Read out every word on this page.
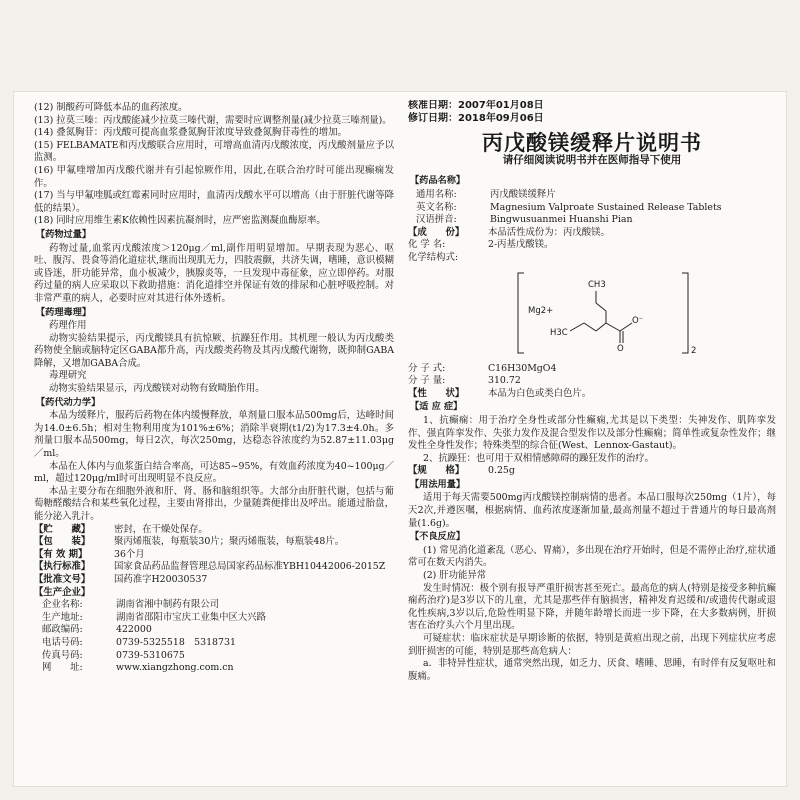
(12) 制酸药可降低本品的血药浓度。

(13) 拉莫三嗪：丙戊酸能减少拉莫三嗪代谢，需要时应调整剂量(减少拉莫三嗪剂量)。

(14) 叠氮胸苷：丙戊酸可提高血浆叠氮胸苷浓度导致叠氮胸苷毒性的增加。

(15) FELBAMATE和丙戊酸联合应用时，可增高血清丙戊酸浓度，丙戊酸剂量应予以监测。

(16) 甲氟喹增加丙戊酸代谢并有引起惊厥作用，因此,在联合治疗时可能出现癫痫发作。

(17) 当与甲氟喹胍或红霉素同时应用时，血清丙戊酸水平可以增高（由于肝脏代谢等降低的结果）。

(18) 同时应用维生素K依赖性因素抗凝剂时，应严密监测凝血酶原率。

【药物过量】

药物过量,血浆丙戊酸浓度＞120μg／ml,副作用明显增加。早期表现为恶心、呕吐、腹泻、畏食等消化道症状,继而出现肌无力，四肢震颤，共济失调，嗜睡，意识模糊或昏迷，肝功能异常，血小板减少，胰腺炎等，一旦发现中毒征象，应立即停药。对服药过量的病人应采取以下救助措施：消化道排空并保证有效的排尿和心脏呼吸控制。对非常严重的病人，必要时应对其进行体外透析。

【药理毒理】

药理作用

动物实验结果提示，丙戊酸镁具有抗惊厥、抗躁狂作用。其机理一般认为丙戊酸类药物使全脑或脑特定区GABA都升高，丙戊酸类药物及其丙戊酸代谢物，既抑制GABA降解，又增加GABA合成。

毒理研究

动物实验结果显示，丙戊酸镁对动物有致畸胎作用。

【药代动力学】

本品为缓释片，服药后药物在体内缓慢释放，单剂量口服本品500mg后，达峰时间为14.0±6.5h；相对生物利用度为101%±6%；消除半衰期(t1/2)为17.3±4.0h。多剂量口服本品500mg，每日2次，每次250mg，达稳态谷浓度约为52.87±11.03μg／ml。

本品在人体内与血浆蛋白结合率高，可达85~95%，有效血药浓度为40~100μg／ml，超过120μg/ml时可出现明显不良反应。

本品主要分布在细胞外液和肝、肾、肠和脑组织等。大部分由肝脏代谢，包括与葡萄糖醛酸结合和某些氧化过程，主要由肾排出，少量随粪便排出及呼出。能通过胎盘，能分泌入乳汁。

【贮　　藏】	密封，在干燥处保存。
【包　　装】	聚丙烯瓶装，每瓶装30片；聚丙烯瓶装，每瓶装48片。
【有 效 期】	36个月
【执行标准】	国家食品药品监督管理总局国家药品标准YBH10442006-2015Z
【批准文号】	国药准字H20030537
【生产企业】
企业名称:	湖南省湘中制药有限公司
生产地址:	湖南省邵阳市宝庆工业集中区大兴路
邮政编码:	422000
电话号码:	0739-5325518　5318731
传真号码:	0739-5310675
网　　址:	www.xiangzhong.com.cn

核准日期：2007年01月08日

修订日期：2018年09月06日

丙戊酸镁缓释片说明书
请仔细阅读说明书并在医师指导下使用
【药品名称】
通用名称:	丙戊酸镁缓释片
英文名称:	Magnesium Valproate Sustained Release Tablets
汉语拼音:	Bingwusuanmei Huanshi Pian
【成　　份】	本品活性成份为：丙戊酸镁。
化 学 名:	2-丙基戊酸镁。

化学结构式:

CH3
H3C
Mg2+
O⁻
O	2
分 子 式:	C16H30MgO4
分 子 量:	310.72
【性　　状】	本品为白色或类白色片。
【适 应 症】

1、抗癫痫：用于治疗全身性或部分性癫痫,尤其是以下类型：失神发作、肌阵挛发作、强直阵挛发作、失张力发作及混合型发作以及部分性癫痫；简单性或复杂性发作；继发性全身性发作；特殊类型的综合征(West、Lennox-Gastaut)。

2、抗躁狂：也可用于双相情感障碍的躁狂发作的治疗。

【规　　格】	0.25g
【用法用量】

适用于每天需要500mg丙戊酸镁控制病情的患者。本品口服每次250mg（1片），每天2次,并遵医嘱，根据病情、血药浓度逐渐加量,最高剂量不超过于普通片的每日最高剂量(1.6g)。

【不良反应】

(1) 常见消化道紊乱（恶心、胃痛），多出现在治疗开始时，但是不需停止治疗,症状通常可在数天内消失。

(2) 肝功能异常

发生时情况：极个别有报导严重肝损害甚至死亡。最高危的病人(特别是接受多种抗癫痫药治疗)是3岁以下的儿童，尤其是那些伴有脑损害，精神发育迟缓和/或遗传代谢或退化性疾病,3岁以后,危险性明显下降，并随年龄增长而进一步下降，在大多数病例，肝损害在治疗头六个月里出现。

可疑症状：临床症状是早期诊断的依据，特别是黄疸出现之前，出现下列症状应考虑到肝损害的可能，特别是那些高危病人：

a．非特异性症状，通常突然出现，如乏力、厌食、嗜睡、思睡，有时伴有反复呕吐和腹痛。
